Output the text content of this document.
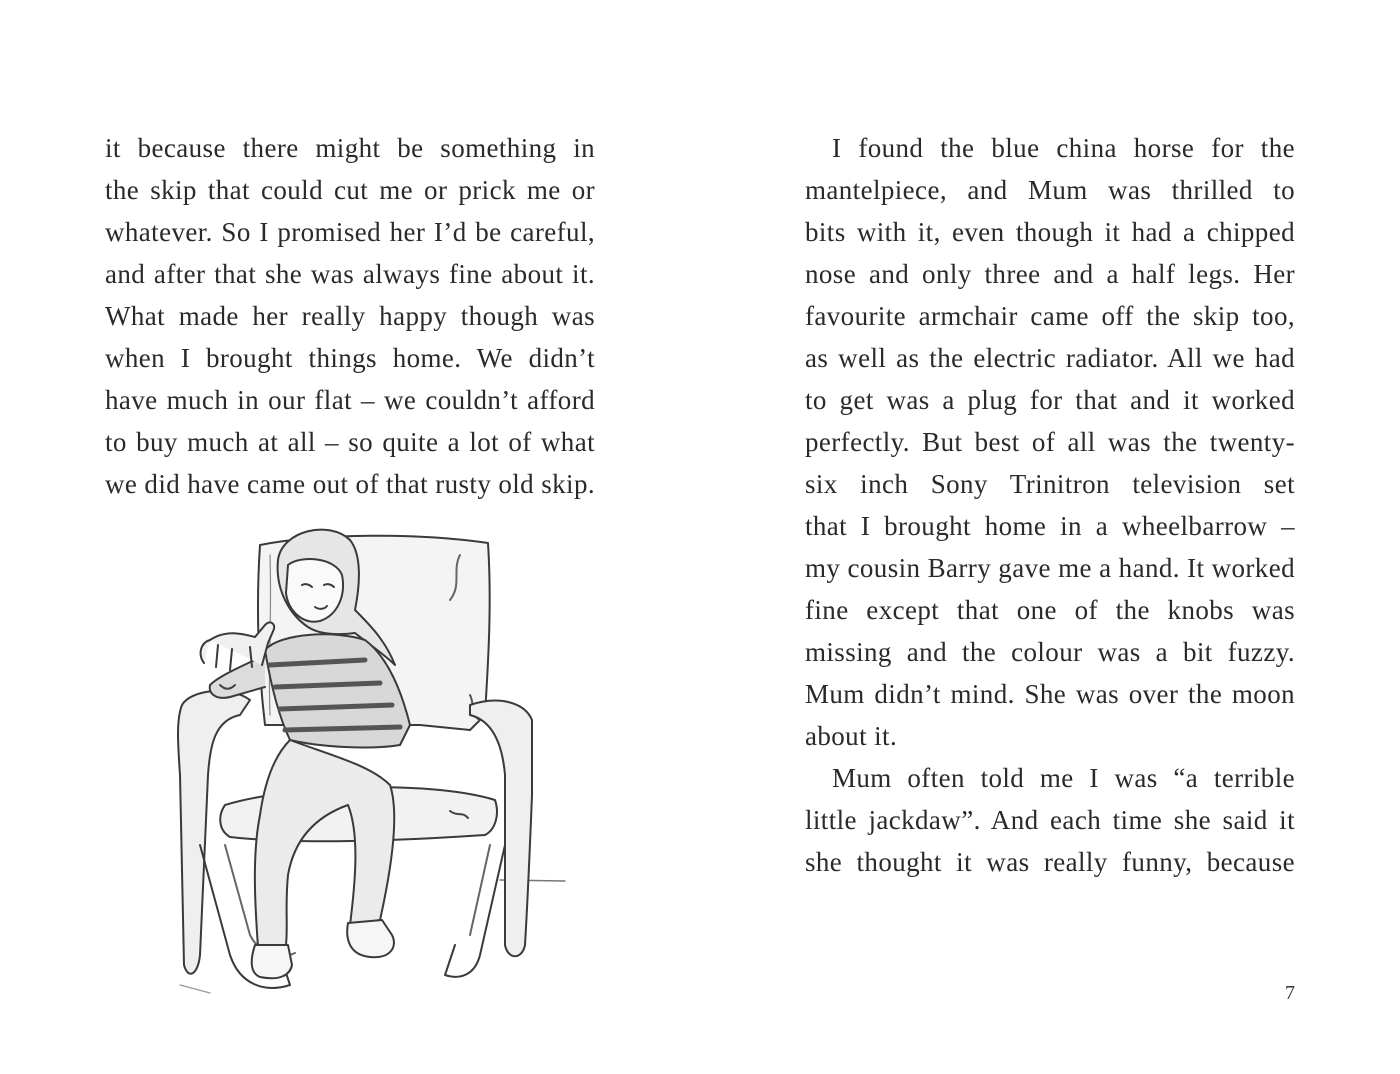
it because there might be something in
the skip that could cut me or prick me or
whatever. So I promised her I’d be careful,
and after that she was always fine about it.
What made her really happy though was
when I brought things home. We didn’t
have much in our flat – we couldn’t afford
to buy much at all – so quite a lot of what
we did have came out of that rusty old skip.
I found the blue china horse for the
mantelpiece, and Mum was thrilled to
bits with it, even though it had a chipped
nose and only three and a half legs. Her
favourite armchair came off the skip too,
as well as the electric radiator. All we had
to get was a plug for that and it worked
perfectly. But best of all was the twenty-
six inch Sony Trinitron television set
that I brought home in a wheelbarrow –
my cousin Barry gave me a hand. It worked
fine except that one of the knobs was
missing and the colour was a bit fuzzy.
Mum didn’t mind. She was over the moon
about it.
Mum often told me I was “a terrible
little jackdaw”. And each time she said it
she thought it was really funny, because
7
